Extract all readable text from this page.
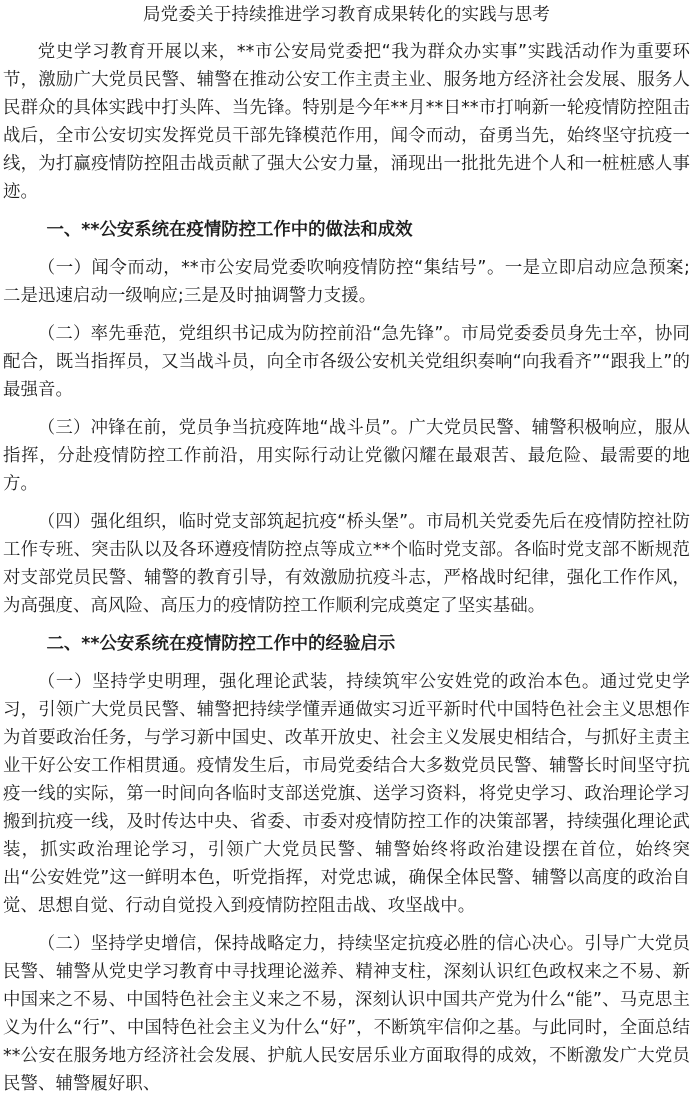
局党委关于持续推进学习教育成果转化的实践与思考

党史学习教育开展以来，**市公安局党委把“我为群众办实事”实践活动作为重要环节，激励广大党员民警、辅警在推动公安工作主责主业、服务地方经济社会发展、服务人民群众的具体实践中打头阵、当先锋。特别是今年**月**日**市打响新一轮疫情防控阻击战后，全市公安切实发挥党员干部先锋模范作用，闻令而动，奋勇当先，始终坚守抗疫一线，为打赢疫情防控阻击战贡献了强大公安力量，涌现出一批批先进个人和一桩桩感人事迹。

一、**公安系统在疫情防控工作中的做法和成效

（一）闻令而动，**市公安局党委吹响疫情防控“集结号”。一是立即启动应急预案;二是迅速启动一级响应;三是及时抽调警力支援。

（二）率先垂范，党组织书记成为防控前沿“急先锋”。市局党委委员身先士卒，协同配合，既当指挥员，又当战斗员，向全市各级公安机关党组织奏响“向我看齐”“跟我上”的最强音。

（三）冲锋在前，党员争当抗疫阵地“战斗员”。广大党员民警、辅警积极响应，服从指挥，分赴疫情防控工作前沿，用实际行动让党徽闪耀在最艰苦、最危险、最需要的地方。

（四）强化组织，临时党支部筑起抗疫“桥头堡”。市局机关党委先后在疫情防控社防工作专班、突击队以及各环遵疫情防控点等成立**个临时党支部。各临时党支部不断规范对支部党员民警、辅警的教育引导，有效激励抗疫斗志，严格战时纪律，强化工作作风，为高强度、高风险、高压力的疫情防控工作顺利完成奠定了坚实基础。

二、**公安系统在疫情防控工作中的经验启示

（一）坚持学史明理，强化理论武装，持续筑牢公安姓党的政治本色。通过党史学习，引领广大党员民警、辅警把持续学懂弄通做实习近平新时代中国特色社会主义思想作为首要政治任务，与学习新中国史、改革开放史、社会主义发展史相结合，与抓好主责主业干好公安工作相贯通。疫情发生后，市局党委结合大多数党员民警、辅警长时间坚守抗疫一线的实际，第一时间向各临时支部送党旗、送学习资料，将党史学习、政治理论学习搬到抗疫一线，及时传达中央、省委、市委对疫情防控工作的决策部署，持续强化理论武装，抓实政治理论学习，引领广大党员民警、辅警始终将政治建设摆在首位，始终突出“公安姓党”这一鲜明本色，听党指挥，对党忠诚，确保全体民警、辅警以高度的政治自觉、思想自觉、行动自觉投入到疫情防控阻击战、攻坚战中。

（二）坚持学史增信，保持战略定力，持续坚定抗疫必胜的信心决心。引导广大党员民警、辅警从党史学习教育中寻找理论滋养、精神支柱，深刻认识红色政权来之不易、新中国来之不易、中国特色社会主义来之不易，深刻认识中国共产党为什么“能”、马克思主义为什么“行”、中国特色社会主义为什么“好”，不断筑牢信仰之基。与此同时，全面总结**公安在服务地方经济社会发展、护航人民安居乐业方面取得的成效，不断激发广大党员民警、辅警履好职、
